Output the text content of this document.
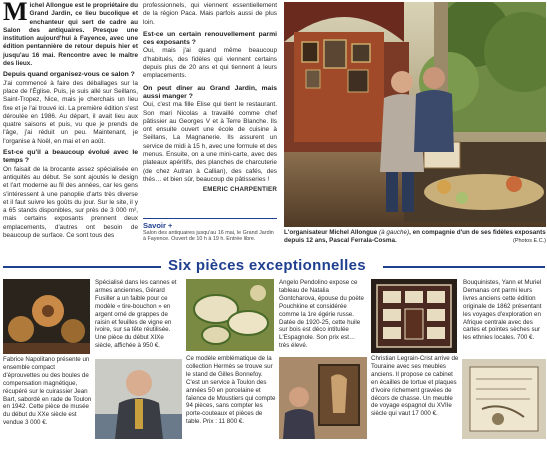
Michel Allongue est le propriétaire du Grand Jardin, ce lieu bucolique et enchanteur qui sert de cadre au Salon des antiquaires. Presque une institution aujourd'hui à Fayence, avec une édition pentannière de retour depuis hier et jusqu'au 16 mai. Rencontre avec le maître des lieux.

Depuis quand organisez-vous ce salon ?

J'ai commencé à faire des déballages sur la place de l'Église. Puis, je suis allé sur Seillans, Saint-Tropez, Nice, mais je cherchais un lieu fixe et je l'ai trouvé ici. La première édition s'est déroulée en 1986. Au départ, il avait lieu aux quatre saisons et puis, vu que je prends de l'âge, j'ai réduit un peu. Maintenant, je l'organise à Noël, en mai et en août.

Est-ce qu'il a beaucoup évolué avec le temps ?

On faisait de la brocante assez spécialisée en antiquités au début. Se sont ajoutés le design et l'art moderne au fil des années, car les gens s'intéressent à une panoplie d'arts très diverse et il faut suivre les goûts du jour. Sur le site, il y a 65 stands disponibles, sur près de 3 000 m², mais certains exposants prennent deux emplacements, d'autres ont besoin de beaucoup de surface. Ce sont tous des

professionnels, qui viennent essentiellement de la région Paca. Mais parfois aussi de plus loin.

Est-ce un certain renouvellement parmi ces exposants ?

Oui, mais j'ai quand même beaucoup d'habitués, des fidèles qui viennent certains depuis plus de 20 ans et qui tiennent à leurs emplacements.

On peut dîner au Grand Jardin, mais aussi manger ?

Oui, c'est ma fille Elise qui tient le restaurant. Son mari Nicolas a travaillé comme chef pâtissier au Georges V et à Terre Blanche. Ils ont ensuite ouvert une école de cuisine à Seillans, La Magnanerie. Ils assurent un service de midi à 15 h, avec une formule et des menus. Ensuite, on a une mini-carte, avec des plateaux apéritifs, des planches de charcuterie (de chez Autran à Callian), des cafés, des thés… et bien sûr, beaucoup de pâtisseries !

EMERIC CHARPENTIER

Savoir +
Salon des antiquaires jusqu'au 16 mai, le Grand Jardin à Fayence. Ouvert de 10 h à 19 h. Entrée libre.
L'organisateur Michel Allongue (à gauche), en compagnie d'un de ses fidèles exposants depuis 12 ans, Pascal Ferrala-Cosma.	(Photos E.C.)
Six pièces exceptionnelles
Fabrice Napolitano présente un ensemble compact d'éprouvettes ou des boules de compensation magnétique, récupéré sur le cuirassier Jean Bart, sabordé en rade de Toulon en 1942. Cette pièce de musée du début du XXe siècle est vendue 3 000 €.
Spécialisé dans les cannes et armes anciennes, Gérard Fusiller a un faible pour ce modèle « tire-bouchon » en argent orné de grappes de raisin et feuilles de vigne en ivoire, sur sa tête réutilisée. Une pièce du début XIXe siècle, affichée à 950 €.
Ce modèle emblématique de la collection Hermès se trouve sur le stand de Gilles Bonnefoy. C'est un service à Toulon des années 50 en porcelaine et faïence de Moustiers qui compte 94 pièces, sans compter les porte-couteaux et pièces de table. Prix : 11 800 €.
Angelo Pendolino expose ce tableau de Natalia Gontcharova, épouse du poète Pouchkine et considérée comme la 1re égérie russe. Datée de 1920-25, cette huile sur bois est déco intitulée L'Espagnole. Son prix est… très élevé.
Christian Legrain-Crist arrive de Touraine avec ses meubles anciens. Il propose ce cabinet en écailles de tortue et plaques d'ivoire richement gravées de décors de chasse. Un meuble de voyage espagnol du XVIIe siècle qui vaut 17 000 €.
Bouquinistes, Yann et Muriel Demanas ont parmi leurs livres anciens cette édition originale de 1862 présentant les voyages d'exploration en Afrique centrale avec des cartes et pointes sèches sur les ethnies locales. 700 €.
